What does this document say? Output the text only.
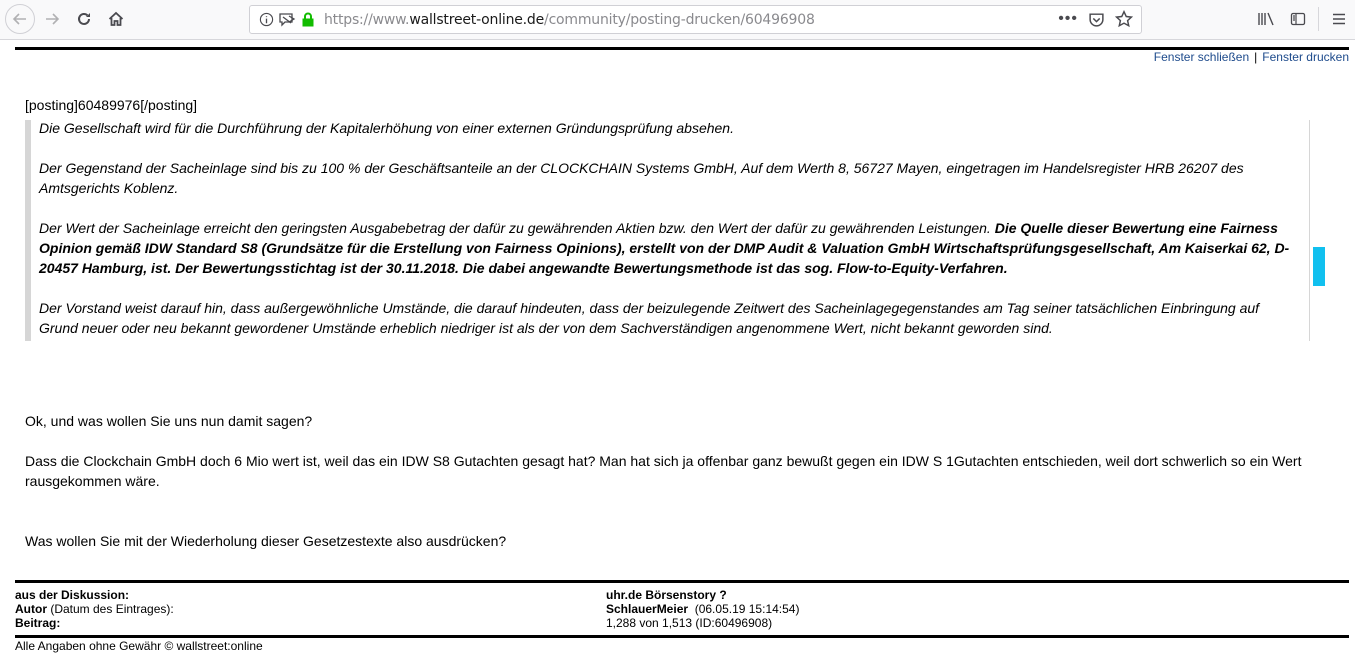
https://www.wallstreet-online.de/community/posting-drucken/60496908	•••
Fenster schließen | Fenster drucken
[posting]60489976[/posting]

Die Gesellschaft wird für die Durchführung der Kapitalerhöhung von einer externen Gründungsprüfung absehen.

Der Gegenstand der Sacheinlage sind bis zu 100 % der Geschäftsanteile an der CLOCKCHAIN Systems GmbH, Auf dem Werth 8, 56727 Mayen, eingetragen im Handelsregister HRB 26207 des Amtsgerichts Koblenz.

Der Wert der Sacheinlage erreicht den geringsten Ausgabebetrag der dafür zu gewährenden Aktien bzw. den Wert der dafür zu gewährenden Leistungen. Die Quelle dieser Bewertung eine Fairness Opinion gemäß IDW Standard S8 (Grundsätze für die Erstellung von Fairness Opinions), erstellt von der DMP Audit & Valuation GmbH Wirtschaftsprüfungsgesellschaft, Am Kaiserkai 62, D-20457 Hamburg, ist. Der Bewertungsstichtag ist der 30.11.2018. Die dabei angewandte Bewertungsmethode ist das sog. Flow-to-Equity-Verfahren.

Der Vorstand weist darauf hin, dass außergewöhnliche Umstände, die darauf hindeuten, dass der beizulegende Zeitwert des Sacheinlagegegenstandes am Tag seiner tatsächlichen Einbringung auf Grund neuer oder neu bekannt gewordener Umstände erheblich niedriger ist als der von dem Sachverständigen angenommene Wert, nicht bekannt geworden sind.

Ok, und was wollen Sie uns nun damit sagen?
Dass die Clockchain GmbH doch 6 Mio wert ist, weil das ein IDW S8 Gutachten gesagt hat? Man hat sich ja offenbar ganz bewußt gegen ein IDW S 1Gutachten entschieden, weil dort schwerlich so ein Wert rausgekommen wäre.
Was wollen Sie mit der Wiederholung dieser Gesetzestexte also ausdrücken?
aus der Diskussion:
Autor (Datum des Eintrages):
Beitrag:
uhr.de Börsenstory ?
SchlauerMeier  (06.05.19 15:14:54)
1,288 von 1,513 (ID:60496908)
Alle Angaben ohne Gewähr © wallstreet:online
